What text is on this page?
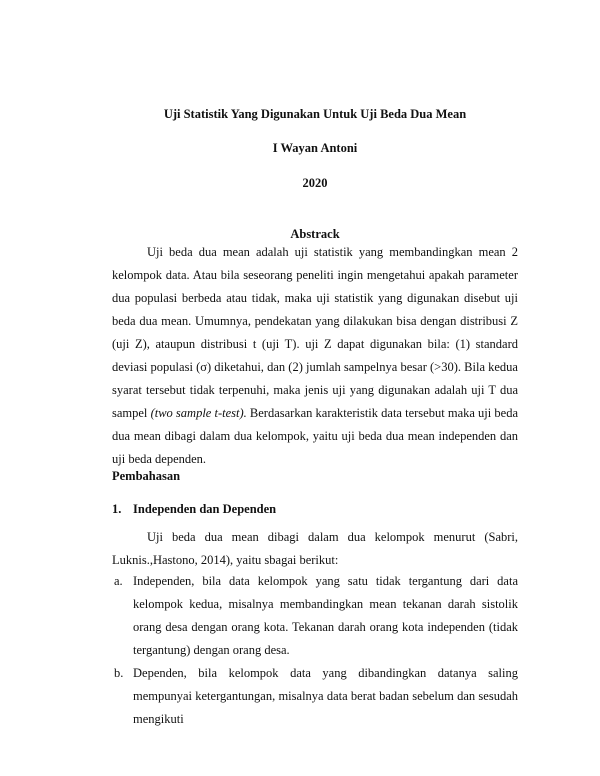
Uji Statistik Yang Digunakan Untuk Uji Beda Dua Mean

I Wayan Antoni

2020

Abstrack

Uji beda dua mean adalah uji statistik yang membandingkan mean 2 kelompok data. Atau bila seseorang peneliti ingin mengetahui apakah parameter dua populasi berbeda atau tidak, maka uji statistik yang digunakan disebut uji beda dua mean. Umumnya, pendekatan yang dilakukan bisa dengan distribusi Z (uji Z), ataupun distribusi t (uji T). uji Z dapat digunakan bila: (1) standard deviasi populasi (σ) diketahui, dan (2) jumlah sampelnya besar (>30). Bila kedua syarat tersebut tidak terpenuhi, maka jenis uji yang digunakan adalah uji T dua sampel (two sample t-test). Berdasarkan karakteristik data tersebut maka uji beda dua mean dibagi dalam dua kelompok, yaitu uji beda dua mean independen dan uji beda dependen.

Pembahasan

1. Independen dan Dependen

Uji beda dua mean dibagi dalam dua kelompok menurut (Sabri, Luknis.,Hastono, 2014), yaitu sbagai berikut:

a. Independen, bila data kelompok yang satu tidak tergantung dari data kelompok kedua, misalnya membandingkan mean tekanan darah sistolik orang desa dengan orang kota. Tekanan darah orang kota independen (tidak tergantung) dengan orang desa.
b. Dependen, bila kelompok data yang dibandingkan datanya saling mempunyai ketergantungan, misalnya data berat badan sebelum dan sesudah mengikuti
